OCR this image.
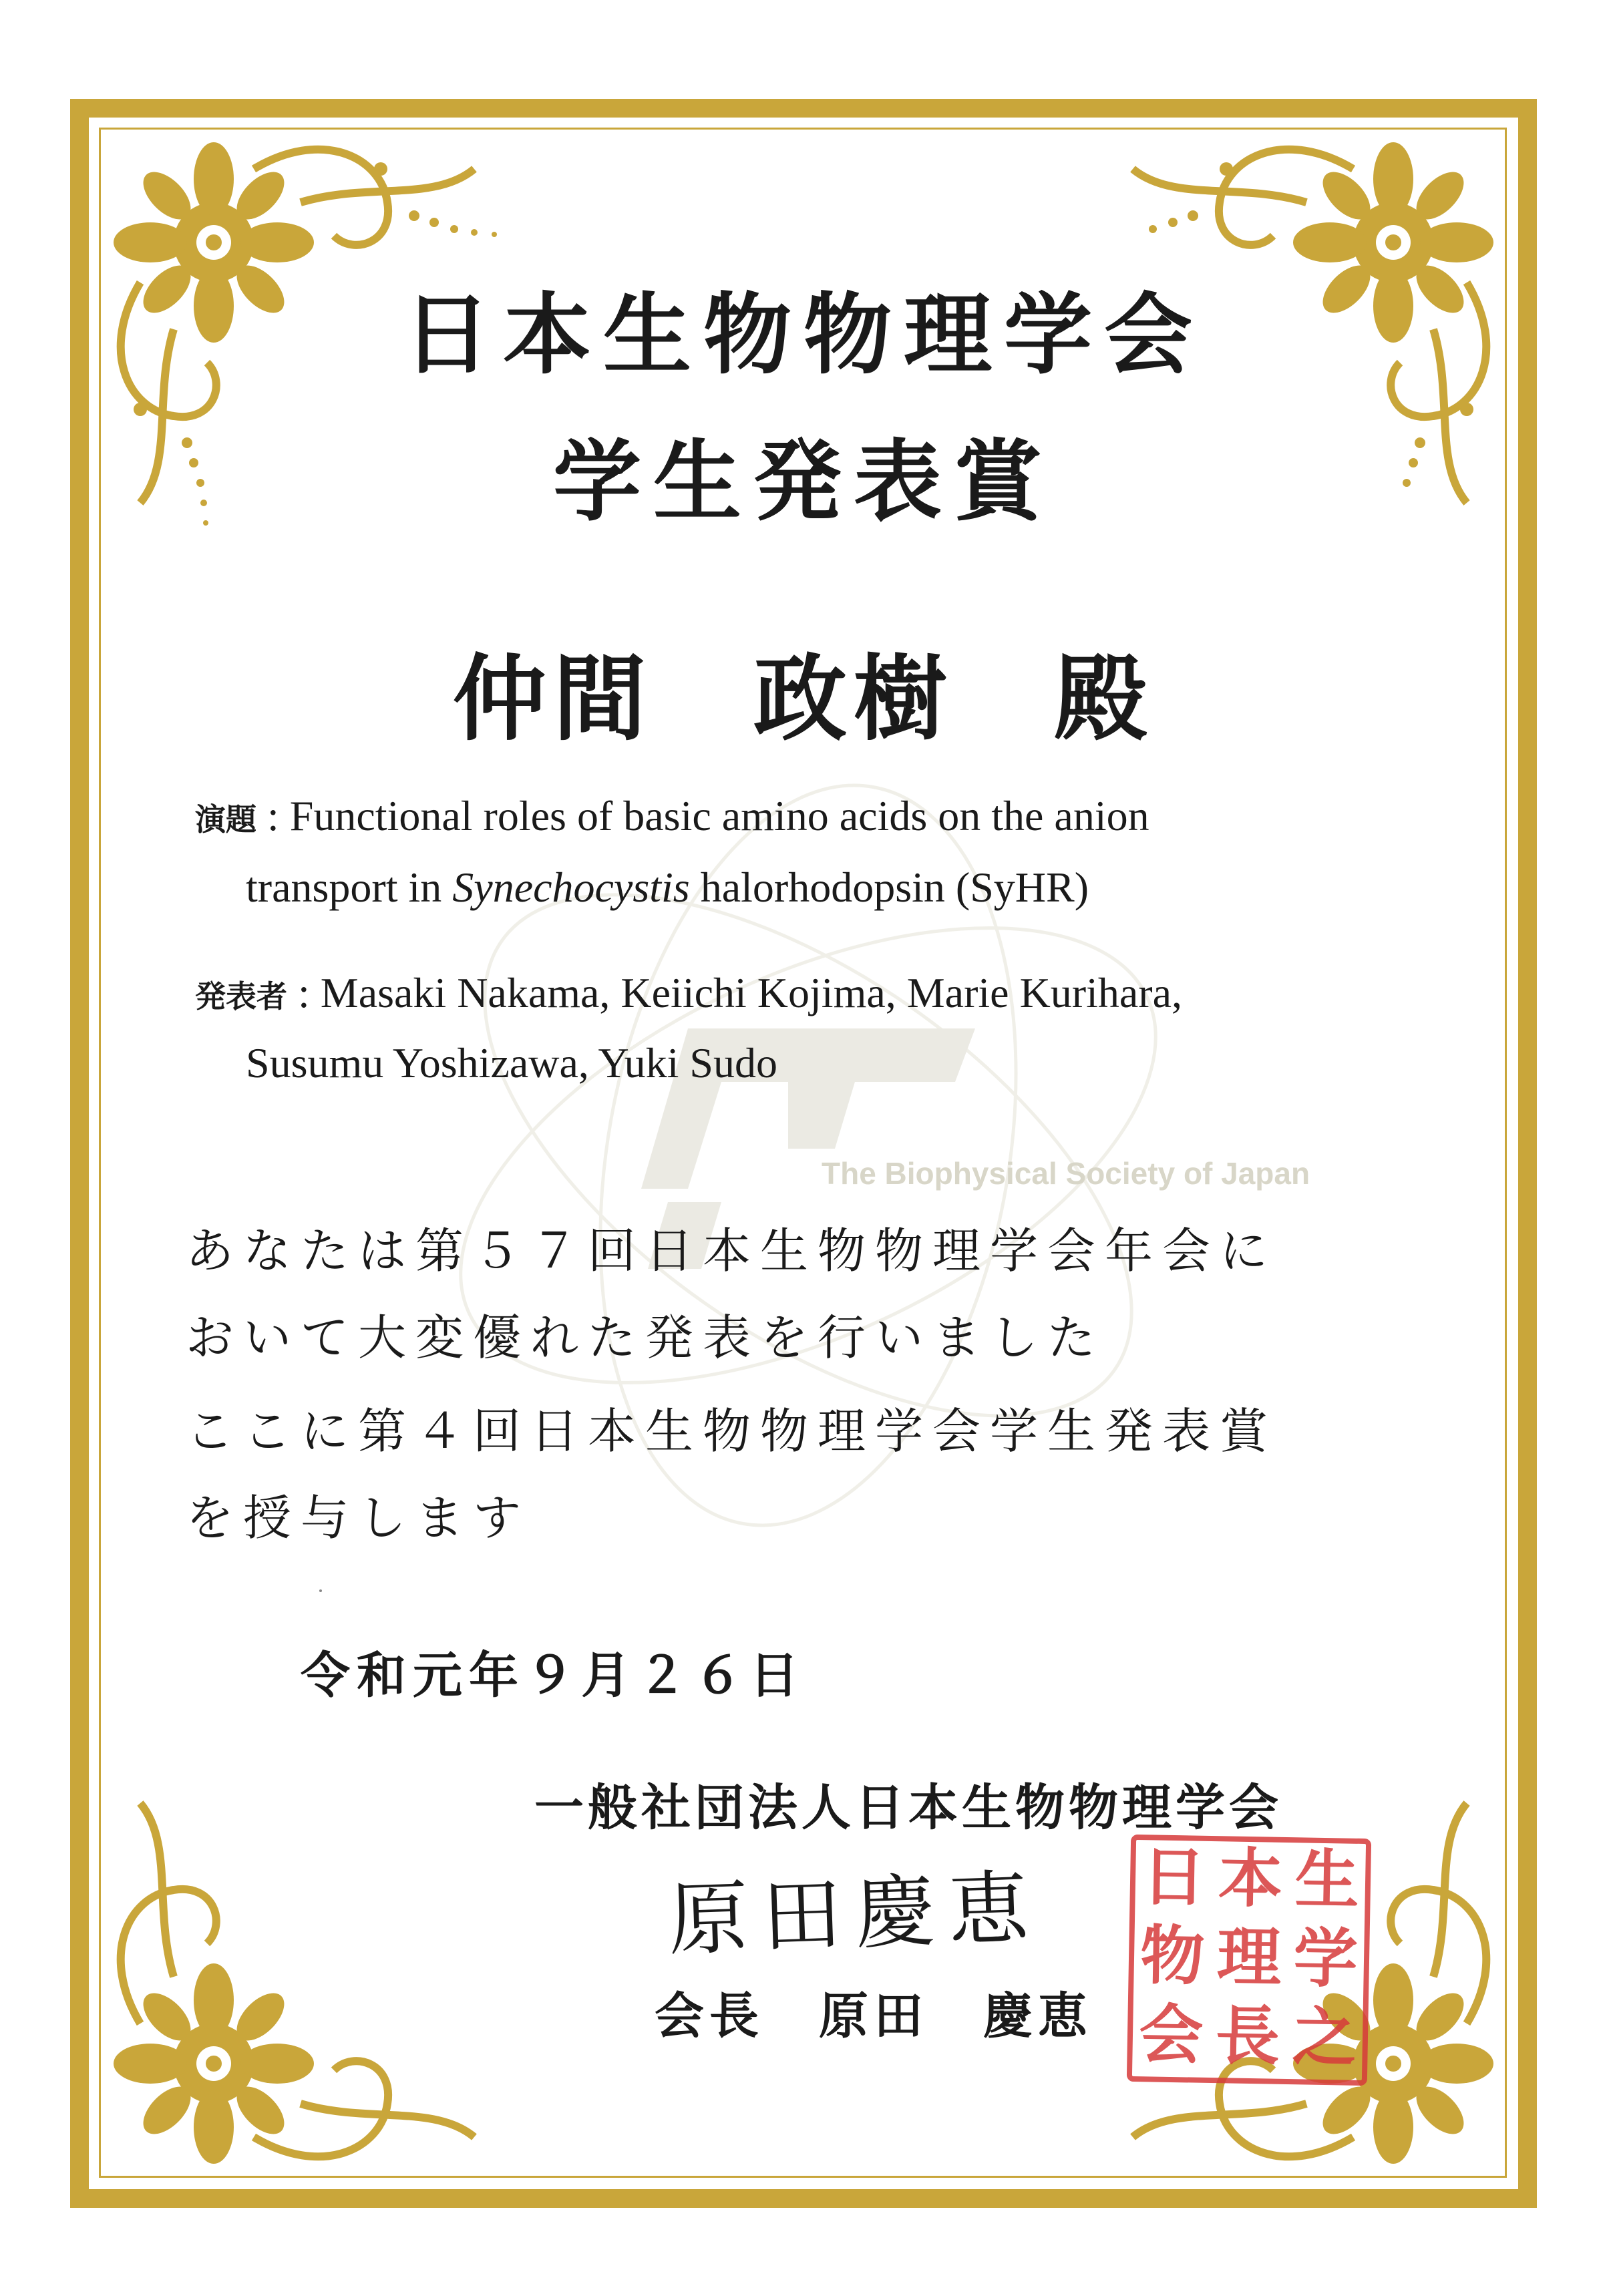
The Biophysical Society of Japan
日本生物物理学会
学生発表賞
仲間　政樹　殿
演題 : Functional roles of basic amino acids on the anion
transport in Synechocystis halorhodopsin (SyHR)
発表者 : Masaki Nakama, Keiichi Kojima, Marie Kurihara,
Susumu Yoshizawa, Yuki Sudo
あなたは第５７回日本生物物理学会年会に
おいて大変優れた発表を行いました
ここに第４回日本生物物理学会学生発表賞
を授与します
令和元年９月２６日
一般社団法人日本生物物理学会
原田慶恵
会長　原田　慶恵
日 本 生
物 理 学
会 長 之
